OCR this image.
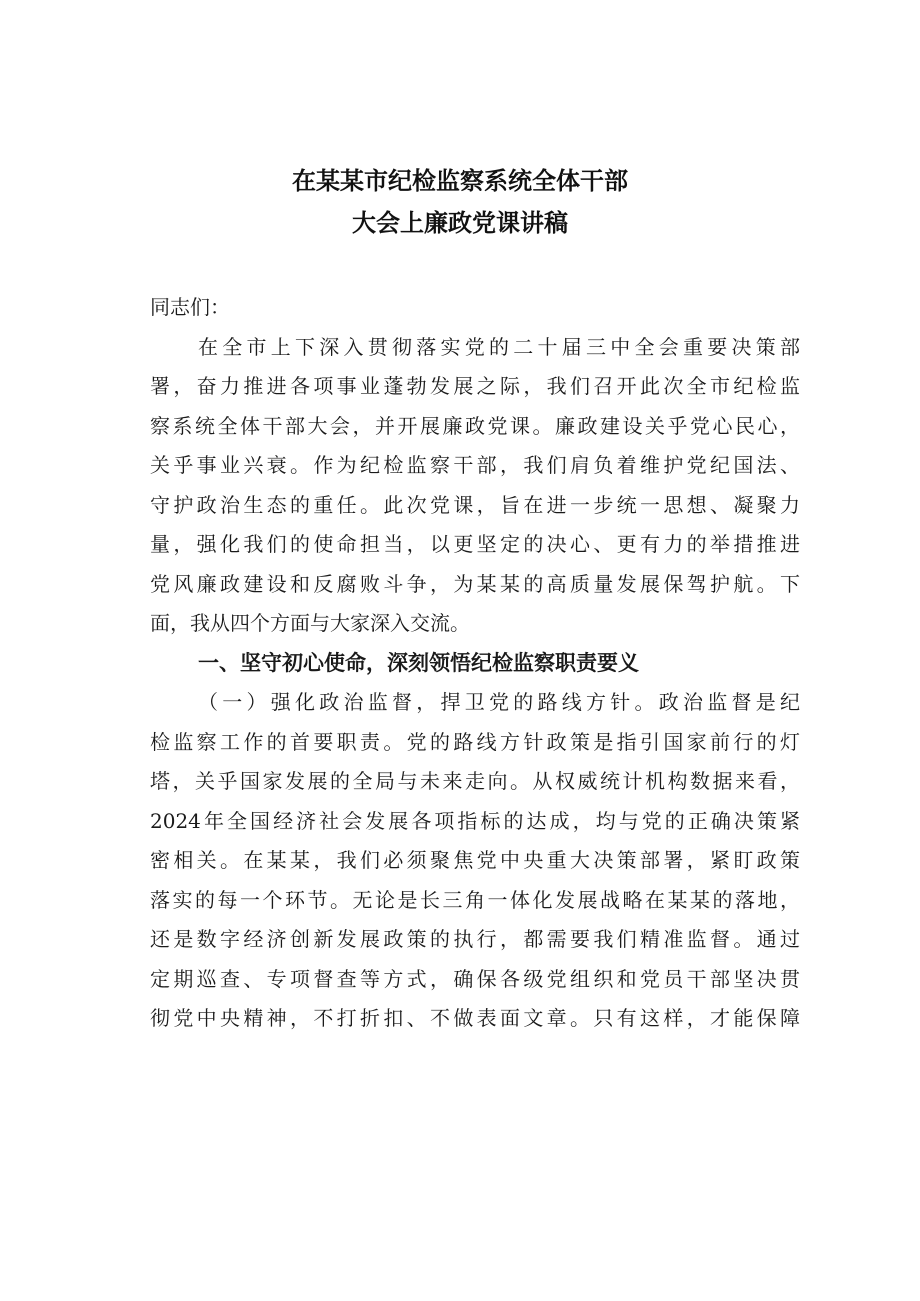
在某某市纪检监察系统全体干部
大会上廉政党课讲稿
同志们：
在全市上下深入贯彻落实党的二十届三中全会重要决策部
署，奋力推进各项事业蓬勃发展之际，我们召开此次全市纪检监
察系统全体干部大会，并开展廉政党课。廉政建设关乎党心民心，
关乎事业兴衰。作为纪检监察干部，我们肩负着维护党纪国法、
守护政治生态的重任。此次党课，旨在进一步统一思想、凝聚力
量，强化我们的使命担当，以更坚定的决心、更有力的举措推进
党风廉政建设和反腐败斗争，为某某的高质量发展保驾护航。下
面，我从四个方面与大家深入交流。
一、坚守初心使命，深刻领悟纪检监察职责要义
（一）强化政治监督，捍卫党的路线方针。政治监督是纪
检监察工作的首要职责。党的路线方针政策是指引国家前行的灯
塔，关乎国家发展的全局与未来走向。从权威统计机构数据来看，
2024年全国经济社会发展各项指标的达成，均与党的正确决策紧
密相关。在某某，我们必须聚焦党中央重大决策部署，紧盯政策
落实的每一个环节。无论是长三角一体化发展战略在某某的落地，
还是数字经济创新发展政策的执行，都需要我们精准监督。通过
定期巡查、专项督查等方式，确保各级党组织和党员干部坚决贯
彻党中央精神，不打折扣、不做表面文章。只有这样，才能保障
